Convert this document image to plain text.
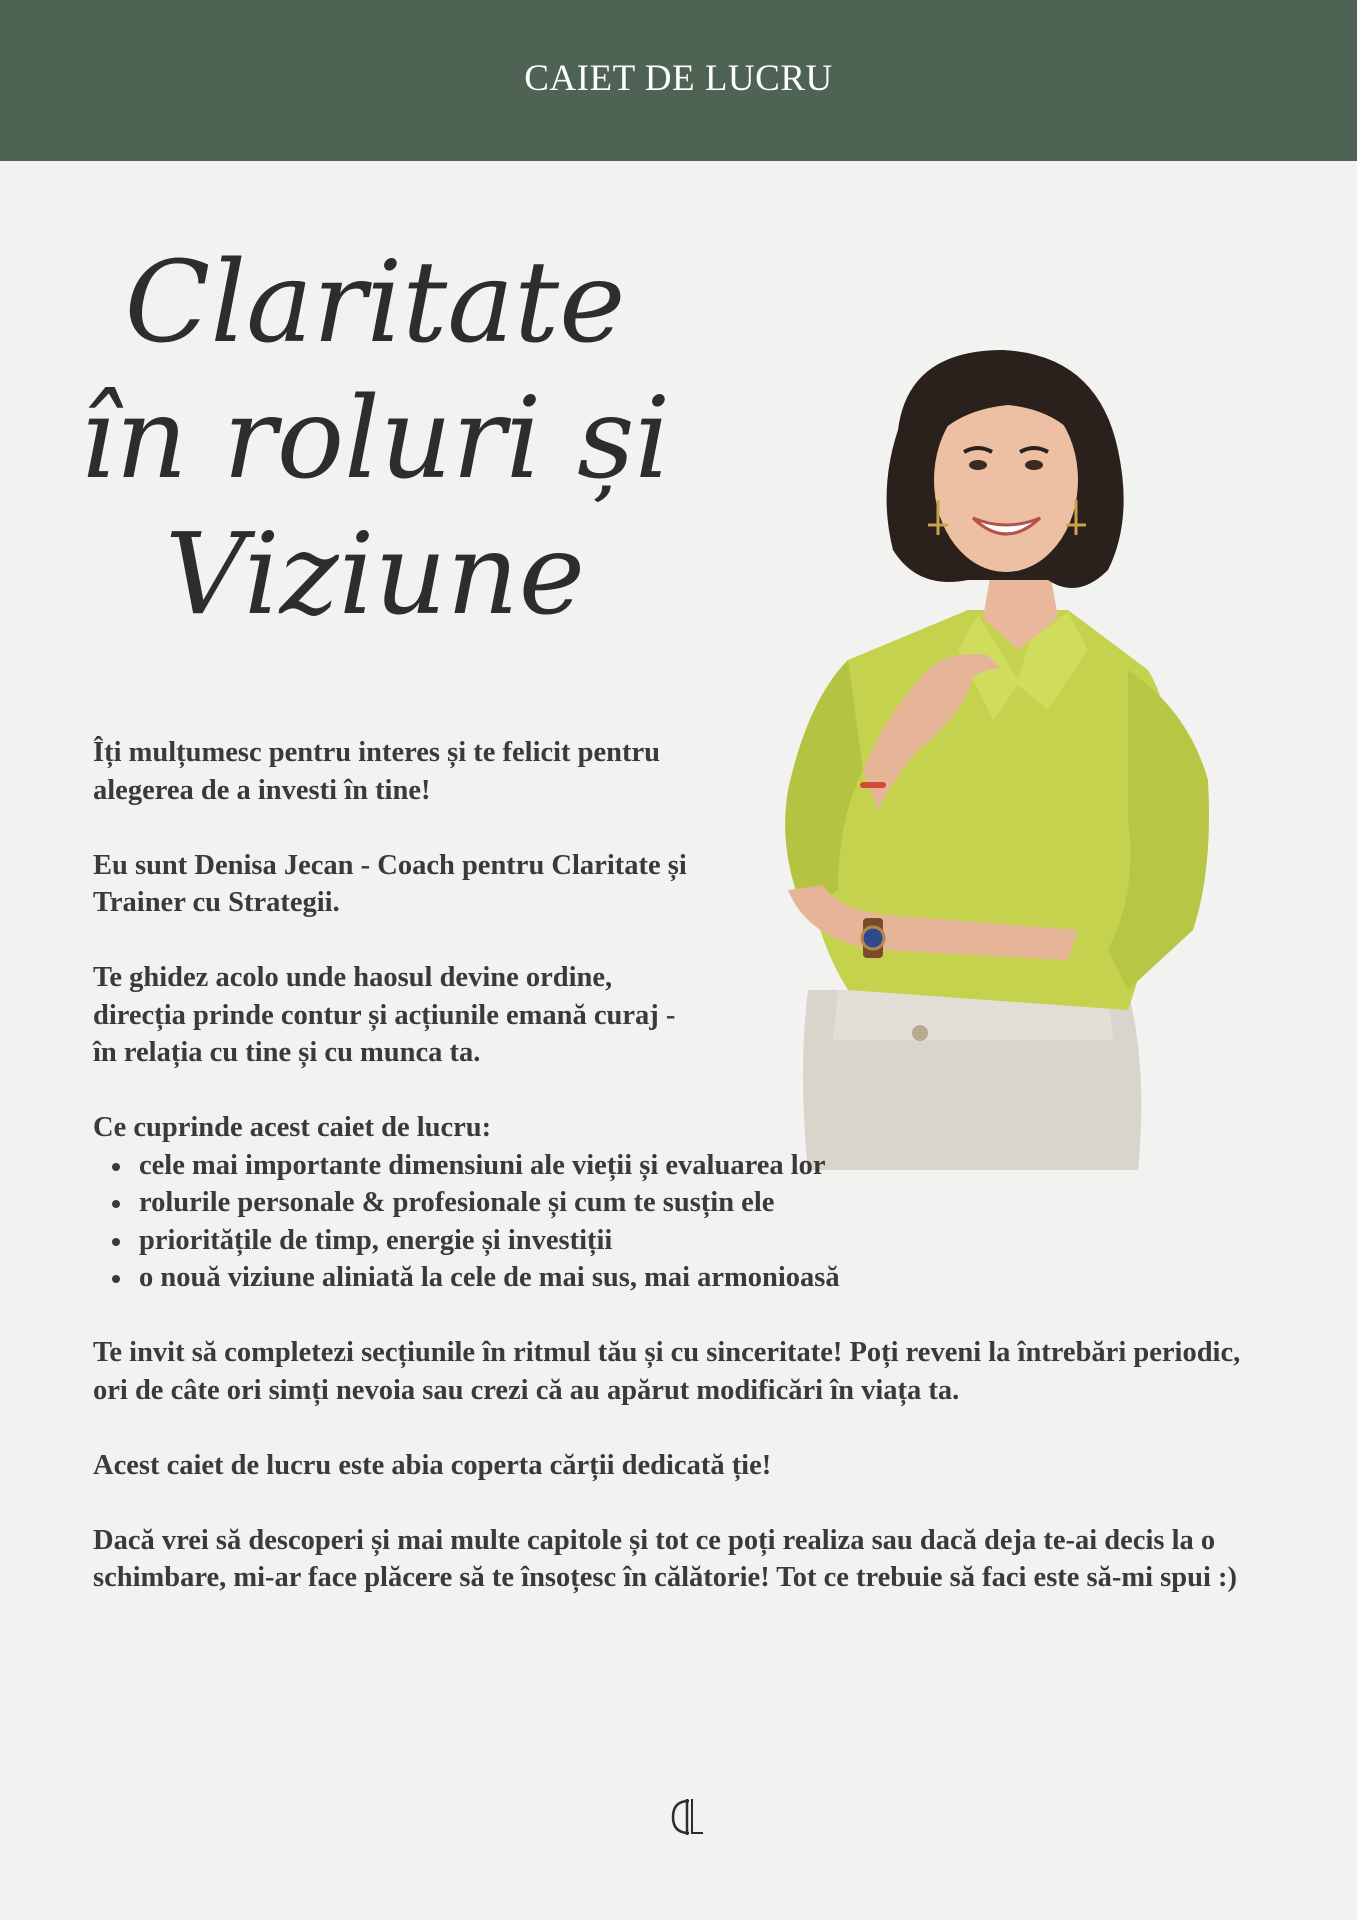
CAIET DE LUCRU
Claritate
în roluri și
Viziune

Îți mulțumesc pentru interes și te felicit pentru alegerea de a investi în tine!

Eu sunt Denisa Jecan - Coach pentru Claritate și Trainer cu Strategii.

Te ghidez acolo unde haosul devine ordine, direcția prinde contur și acțiunile emană curaj - în relația cu tine și cu munca ta.

Ce cuprinde acest caiet de lucru:

cele mai importante dimensiuni ale vieții și evaluarea lor
rolurile personale & profesionale și cum te susțin ele
prioritățile de timp, energie și investiții
o nouă viziune aliniată la cele de mai sus, mai armonioasă

Te invit să completezi secțiunile în ritmul tău și cu sinceritate! Poți reveni la întrebări periodic, ori de câte ori simți nevoia sau crezi că au apărut modificări în viața ta.

Acest caiet de lucru este abia coperta cărții dedicată ție!

Dacă vrei să descoperi și mai multe capitole și tot ce poți realiza sau dacă deja te-ai decis la o schimbare, mi-ar face plăcere să te însoțesc în călătorie! Tot ce trebuie să faci este să-mi spui :)
